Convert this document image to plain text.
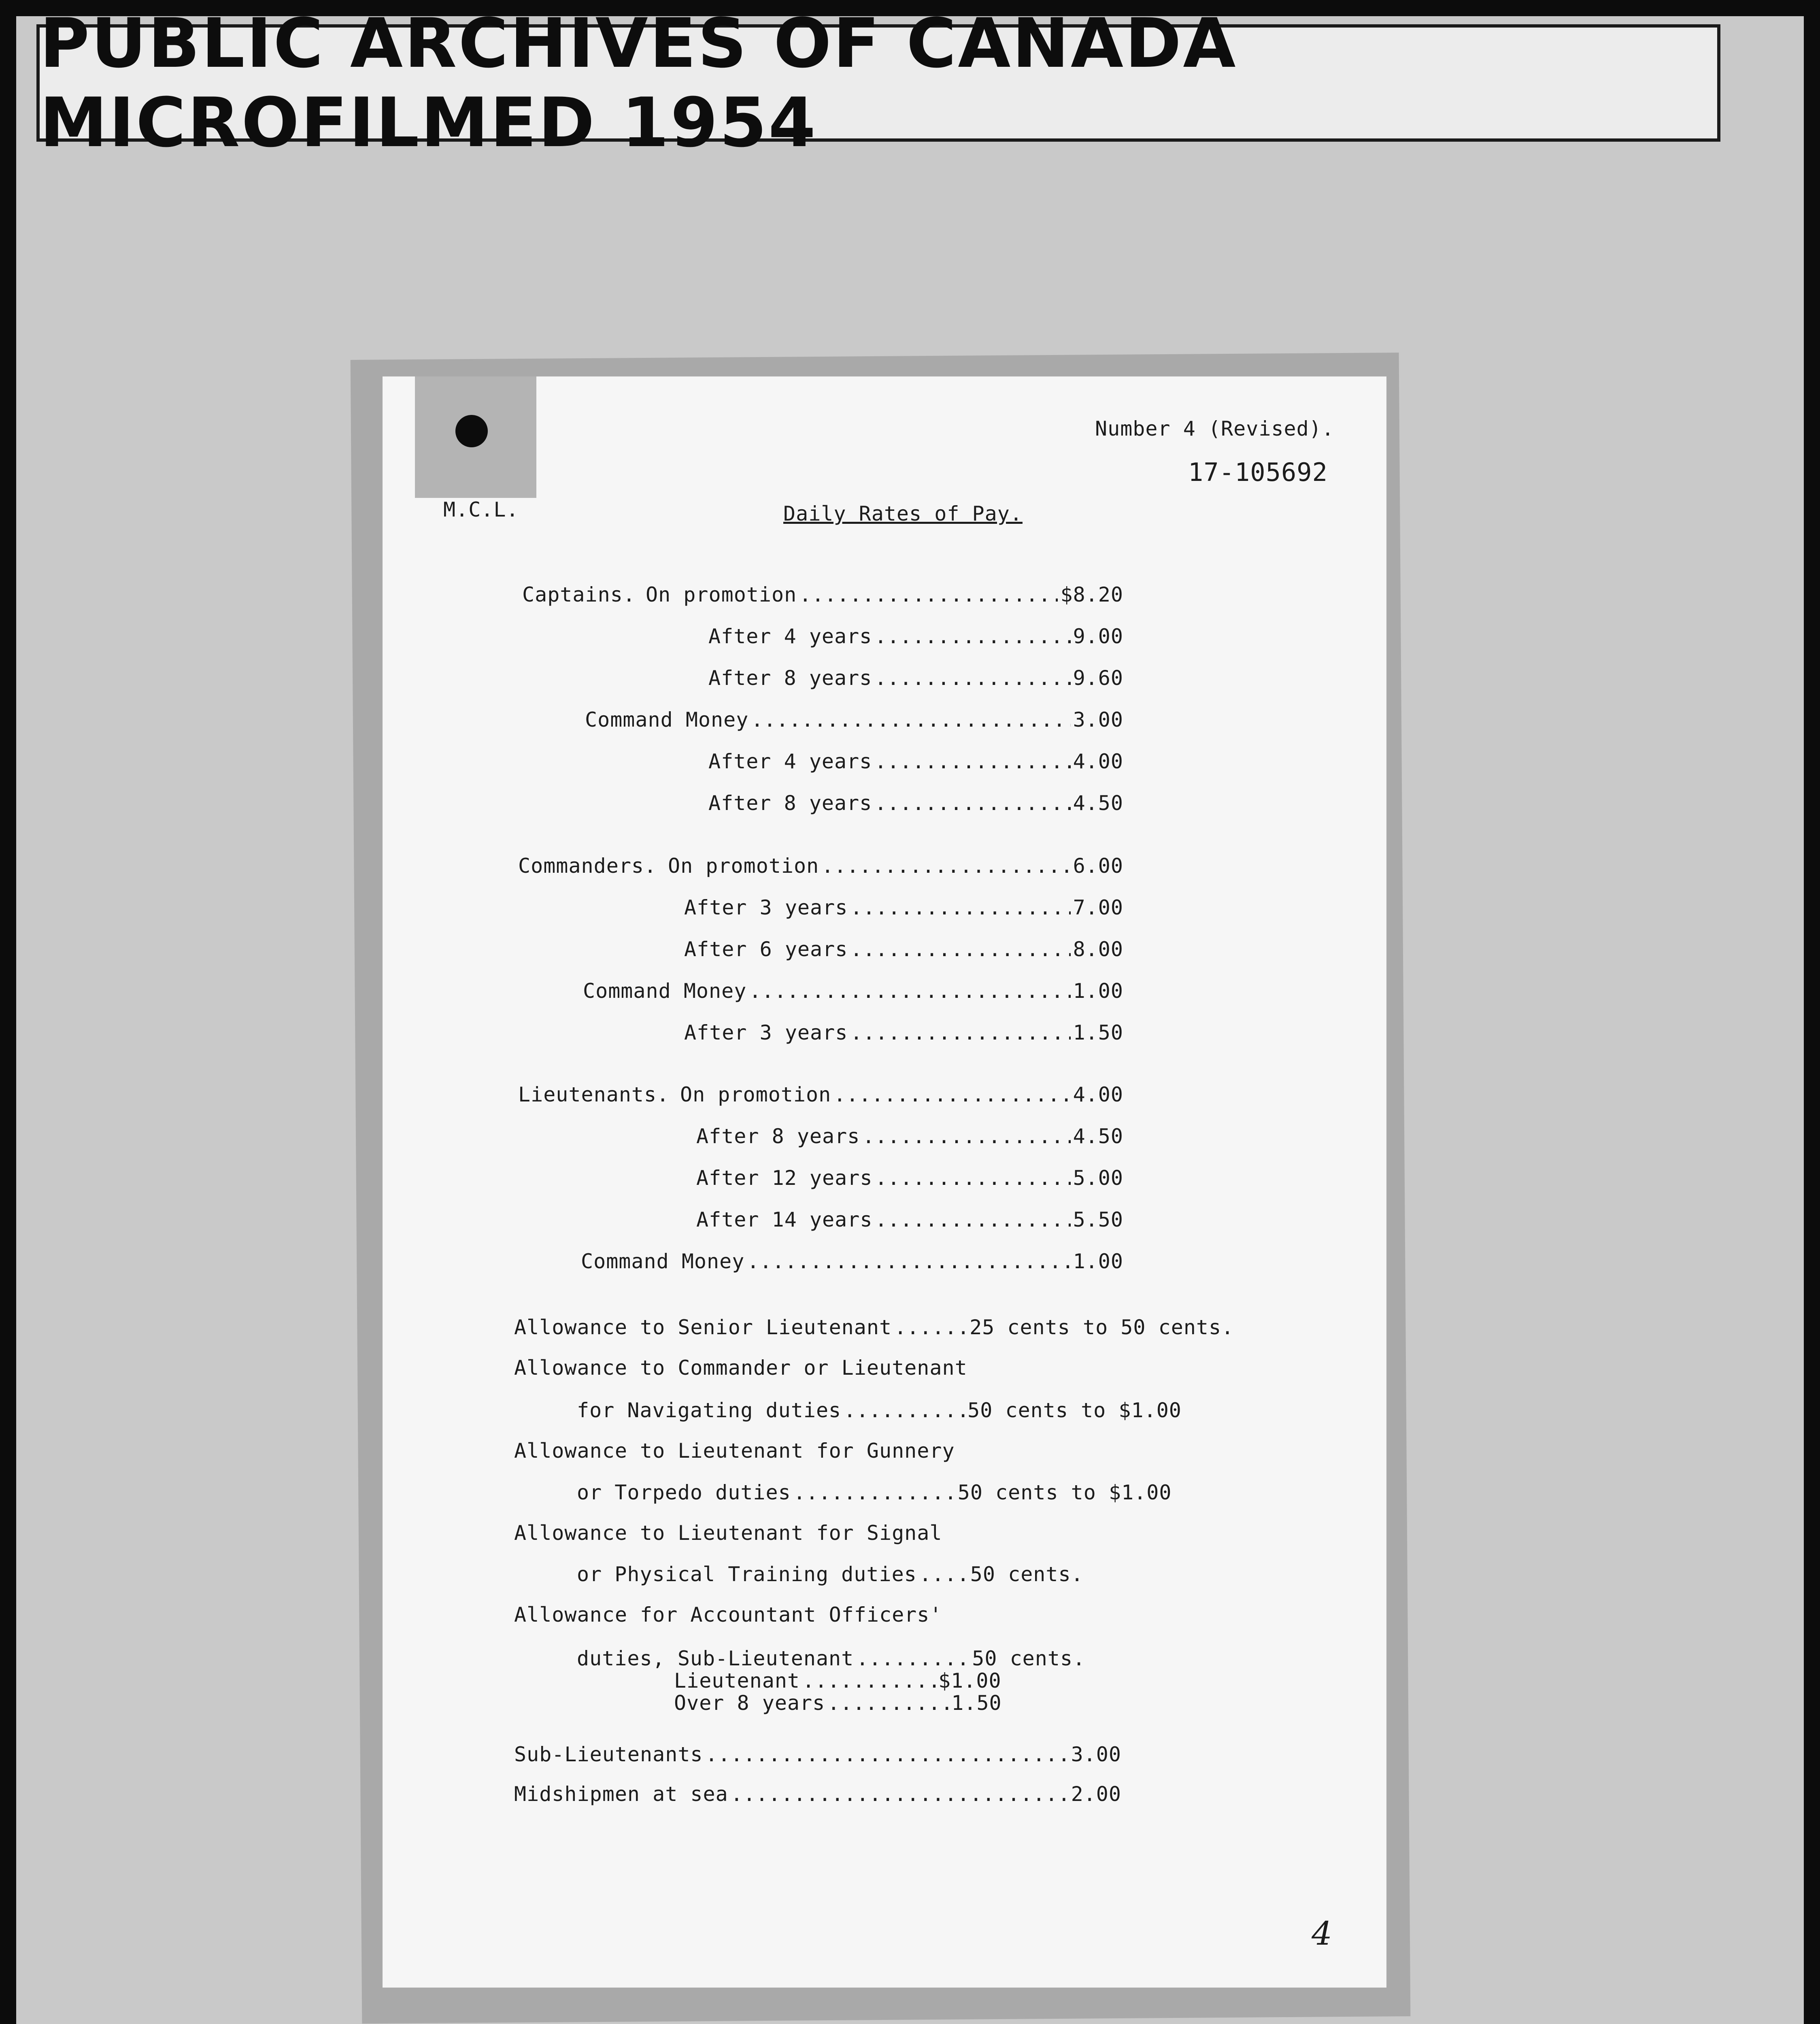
PUBLIC ARCHIVES OF CANADA MICROFILMED 1954
Number 4 (Revised).
17-105692
M.C.L.	Daily Rates of Pay.
Captains. On promotion .....	$8.20
After 4 years .....	9.00
After 8 years .....	9.60
Command Money .....	3.00
After 4 years .....	4.00
After 8 years .....	4.50
Commanders. On promotion .....	6.00
After 3 years .....	7.00
After 6 years .....	8.00
Command Money .....	1.00
After 3 years .....	1.50
Lieutenants. On promotion .....	4.00
After 8 years .....	4.50
After 12 years .....	5.00
After 14 years .....	5.50
Command Money .....	1.00
Allowance to Senior Lieutenant .....	25 cents to 50 cents.
Allowance to Commander or Lieutenant
for Navigating duties .....	50 cents to $1.00
Allowance to Lieutenant for Gunnery
or Torpedo duties .....	50 cents to $1.00
Allowance to Lieutenant for Signal
or Physical Training duties .....	50 cents.
Allowance for Accountant Officers'
duties, Sub-Lieutenant .....	50 cents.
Lieutenant .....	$1.00
Over 8 years .....	1.50
Sub-Lieutenants .....	3.00
Midshipmen at sea .....	2.00
4
